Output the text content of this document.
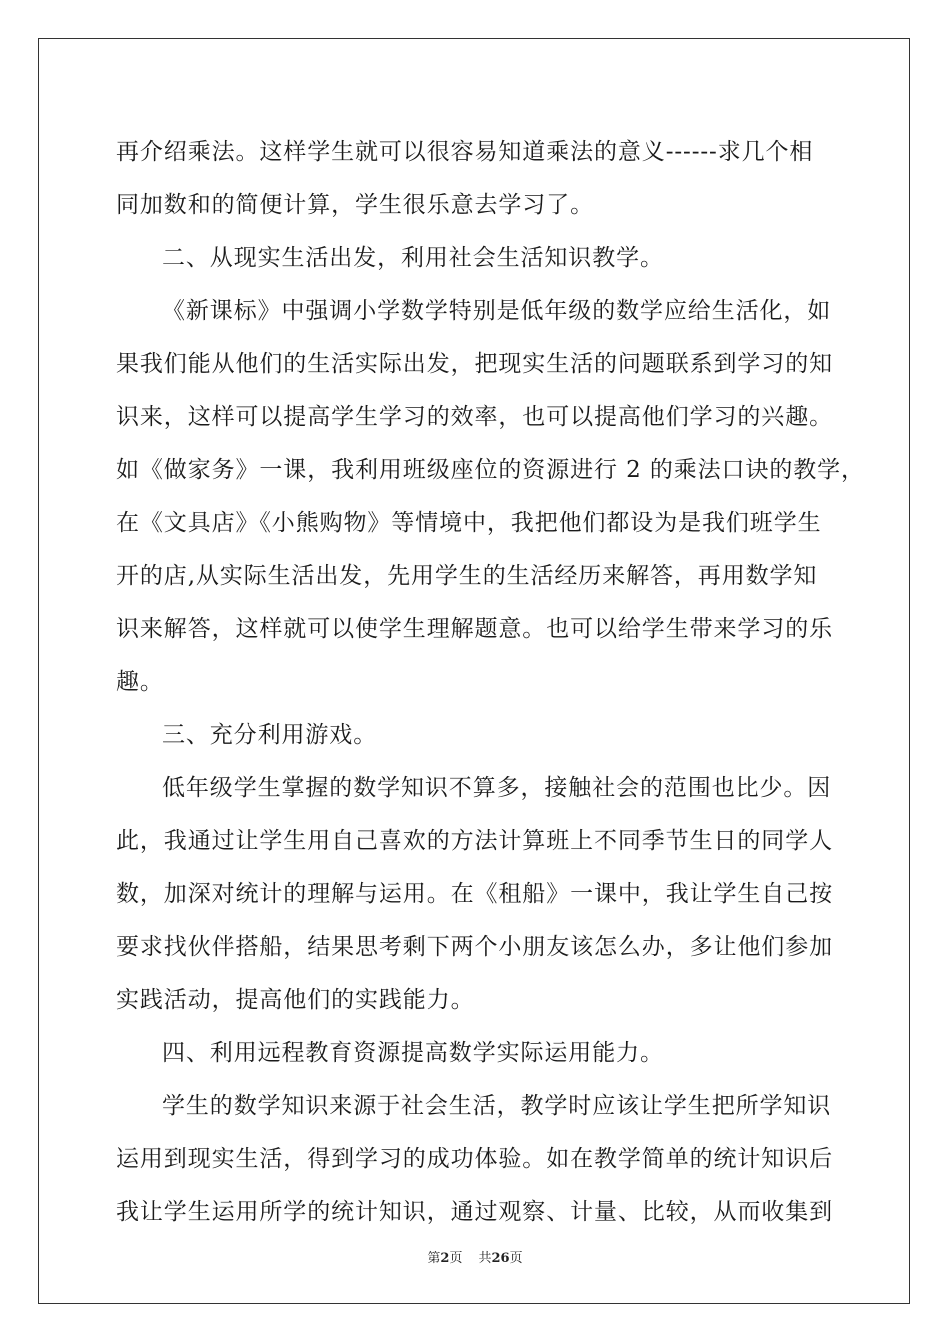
再介绍乘法。这样学生就可以很容易知道乘法的意义------求几个相
同加数和的简便计算，学生很乐意去学习了。
二、从现实生活出发，利用社会生活知识教学。
《新课标》中强调小学数学特别是低年级的数学应给生活化，如
果我们能从他们的生活实际出发，把现实生活的问题联系到学习的知
识来，这样可以提高学生学习的效率，也可以提高他们学习的兴趣。
如《做家务》一课，我利用班级座位的资源进行 2 的乘法口诀的教学，
在《文具店》《小熊购物》等情境中，我把他们都设为是我们班学生
开的店,从实际生活出发，先用学生的生活经历来解答，再用数学知
识来解答，这样就可以使学生理解题意。也可以给学生带来学习的乐
趣。
三、充分利用游戏。
低年级学生掌握的数学知识不算多，接触社会的范围也比少。因
此，我通过让学生用自己喜欢的方法计算班上不同季节生日的同学人
数，加深对统计的理解与运用。在《租船》一课中，我让学生自己按
要求找伙伴搭船，结果思考剩下两个小朋友该怎么办，多让他们参加
实践活动，提高他们的实践能力。
四、利用远程教育资源提高数学实际运用能力。
学生的数学知识来源于社会生活，教学时应该让学生把所学知识
运用到现实生活，得到学习的成功体验。如在教学简单的统计知识后
我让学生运用所学的统计知识，通过观察、计量、比较，从而收集到
第2页 共26页
